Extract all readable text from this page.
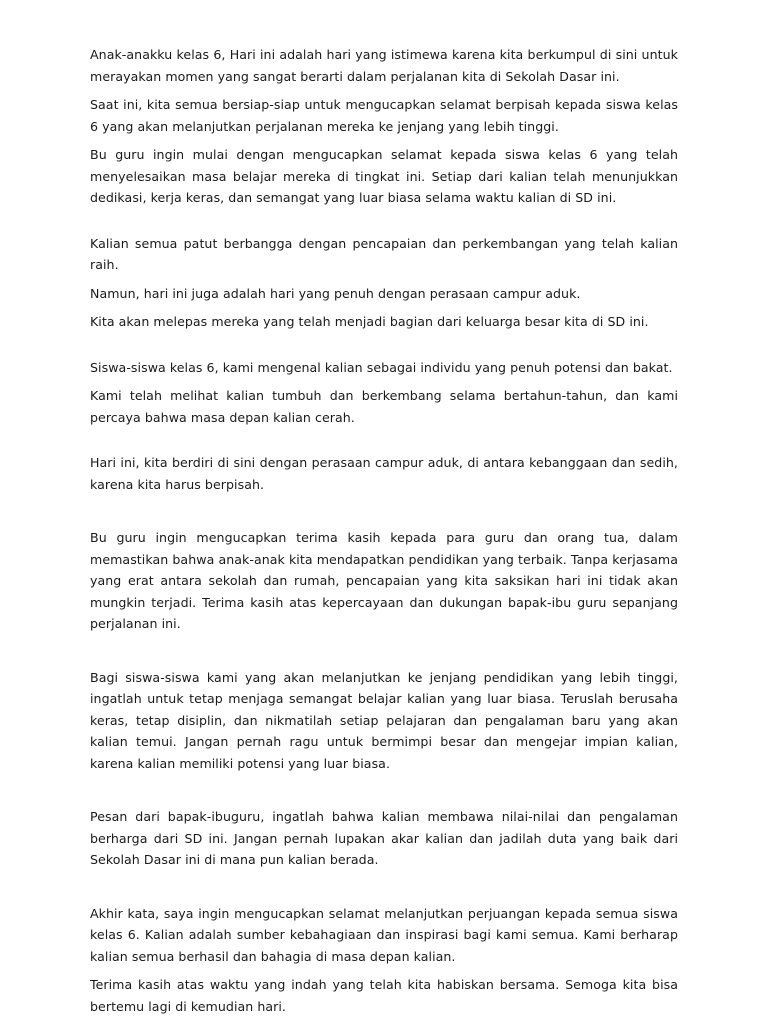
Anak-anakku kelas 6, Hari ini adalah hari yang istimewa karena kita berkumpul di sini untuk merayakan momen yang sangat berarti dalam perjalanan kita di Sekolah Dasar ini.

Saat ini, kita semua bersiap-siap untuk mengucapkan selamat berpisah kepada siswa kelas 6 yang akan melanjutkan perjalanan mereka ke jenjang yang lebih tinggi.

Bu guru ingin mulai dengan mengucapkan selamat kepada siswa kelas 6 yang telah menyelesaikan masa belajar mereka di tingkat ini. Setiap dari kalian telah menunjukkan dedikasi, kerja keras, dan semangat yang luar biasa selama waktu kalian di SD ini.

Kalian semua patut berbangga dengan pencapaian dan perkembangan yang telah kalian raih.

Namun, hari ini juga adalah hari yang penuh dengan perasaan campur aduk.

Kita akan melepas mereka yang telah menjadi bagian dari keluarga besar kita di SD ini.

Siswa-siswa kelas 6, kami mengenal kalian sebagai individu yang penuh potensi dan bakat.

Kami telah melihat kalian tumbuh dan berkembang selama bertahun-tahun, dan kami percaya bahwa masa depan kalian cerah.

Hari ini, kita berdiri di sini dengan perasaan campur aduk, di antara kebanggaan dan sedih, karena kita harus berpisah.

Bu guru ingin mengucapkan terima kasih kepada para guru dan orang tua, dalam memastikan bahwa anak-anak kita mendapatkan pendidikan yang terbaik. Tanpa kerjasama yang erat antara sekolah dan rumah, pencapaian yang kita saksikan hari ini tidak akan mungkin terjadi. Terima kasih atas kepercayaan dan dukungan bapak-ibu guru sepanjang perjalanan ini.

Bagi siswa-siswa kami yang akan melanjutkan ke jenjang pendidikan yang lebih tinggi, ingatlah untuk tetap menjaga semangat belajar kalian yang luar biasa. Teruslah berusaha keras, tetap disiplin, dan nikmatilah setiap pelajaran dan pengalaman baru yang akan kalian temui. Jangan pernah ragu untuk bermimpi besar dan mengejar impian kalian, karena kalian memiliki potensi yang luar biasa.

Pesan dari bapak-ibuguru, ingatlah bahwa kalian membawa nilai-nilai dan pengalaman berharga dari SD ini. Jangan pernah lupakan akar kalian dan jadilah duta yang baik dari Sekolah Dasar ini di mana pun kalian berada.

Akhir kata, saya ingin mengucapkan selamat melanjutkan perjuangan kepada semua siswa kelas 6. Kalian adalah sumber kebahagiaan dan inspirasi bagi kami semua. Kami berharap kalian semua berhasil dan bahagia di masa depan kalian.

Terima kasih atas waktu yang indah yang telah kita habiskan bersama. Semoga kita bisa bertemu lagi di kemudian hari.
